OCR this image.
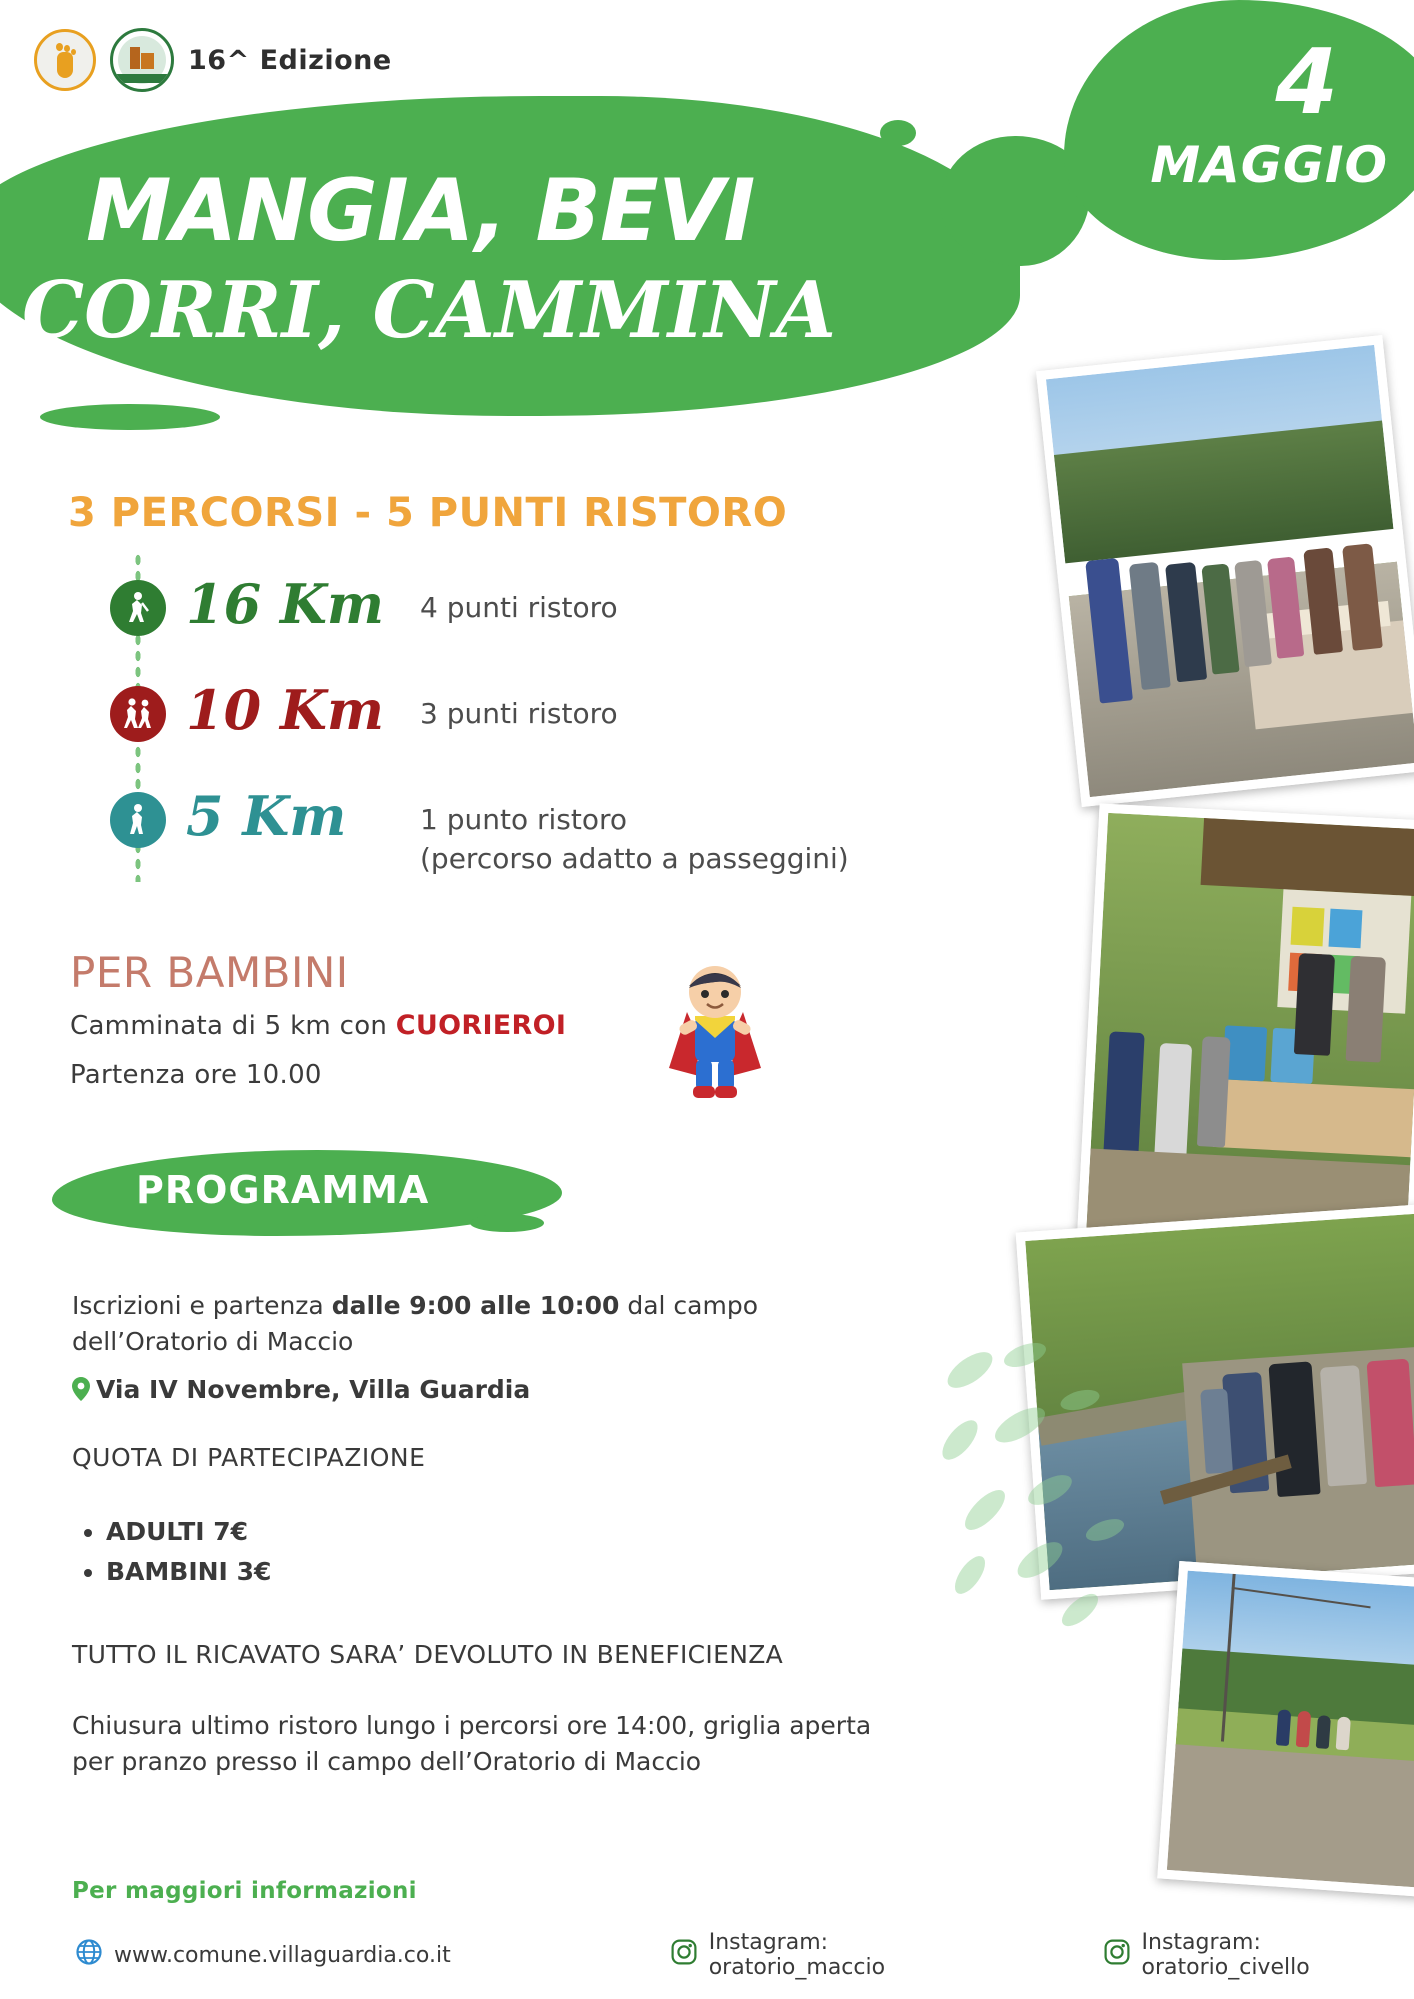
16^ Edizione
MANGIA, BEVI
CORRI, CAMMINA
4
MAGGIO
3 PERCORSI - 5 PUNTI RISTORO
16 Km 4 punti ristoro
10 Km 3 punti ristoro
5 Km	1 punto ristoro
(percorso adatto a passeggini)
PER BAMBINI
Camminata di 5 km con CUORIEROI
Partenza ore 10.00
PROGRAMMA
Iscrizioni e partenza dalle 9:00 alle 10:00 dal campo dell’Oratorio di Maccio
Via IV Novembre, Villa Guardia
QUOTA DI PARTECIPAZIONE
• ADULTI 7€
• BAMBINI 3€
TUTTO IL RICAVATO SARA’ DEVOLUTO IN BENEFICIENZA
Chiusura ultimo ristoro lungo i percorsi ore 14:00, griglia aperta per pranzo presso il campo dell’Oratorio di Maccio
Per maggiori informazioni
www.comune.villaguardia.co.it	Instagram: oratorio_maccio
Instagram: oratorio_civello
